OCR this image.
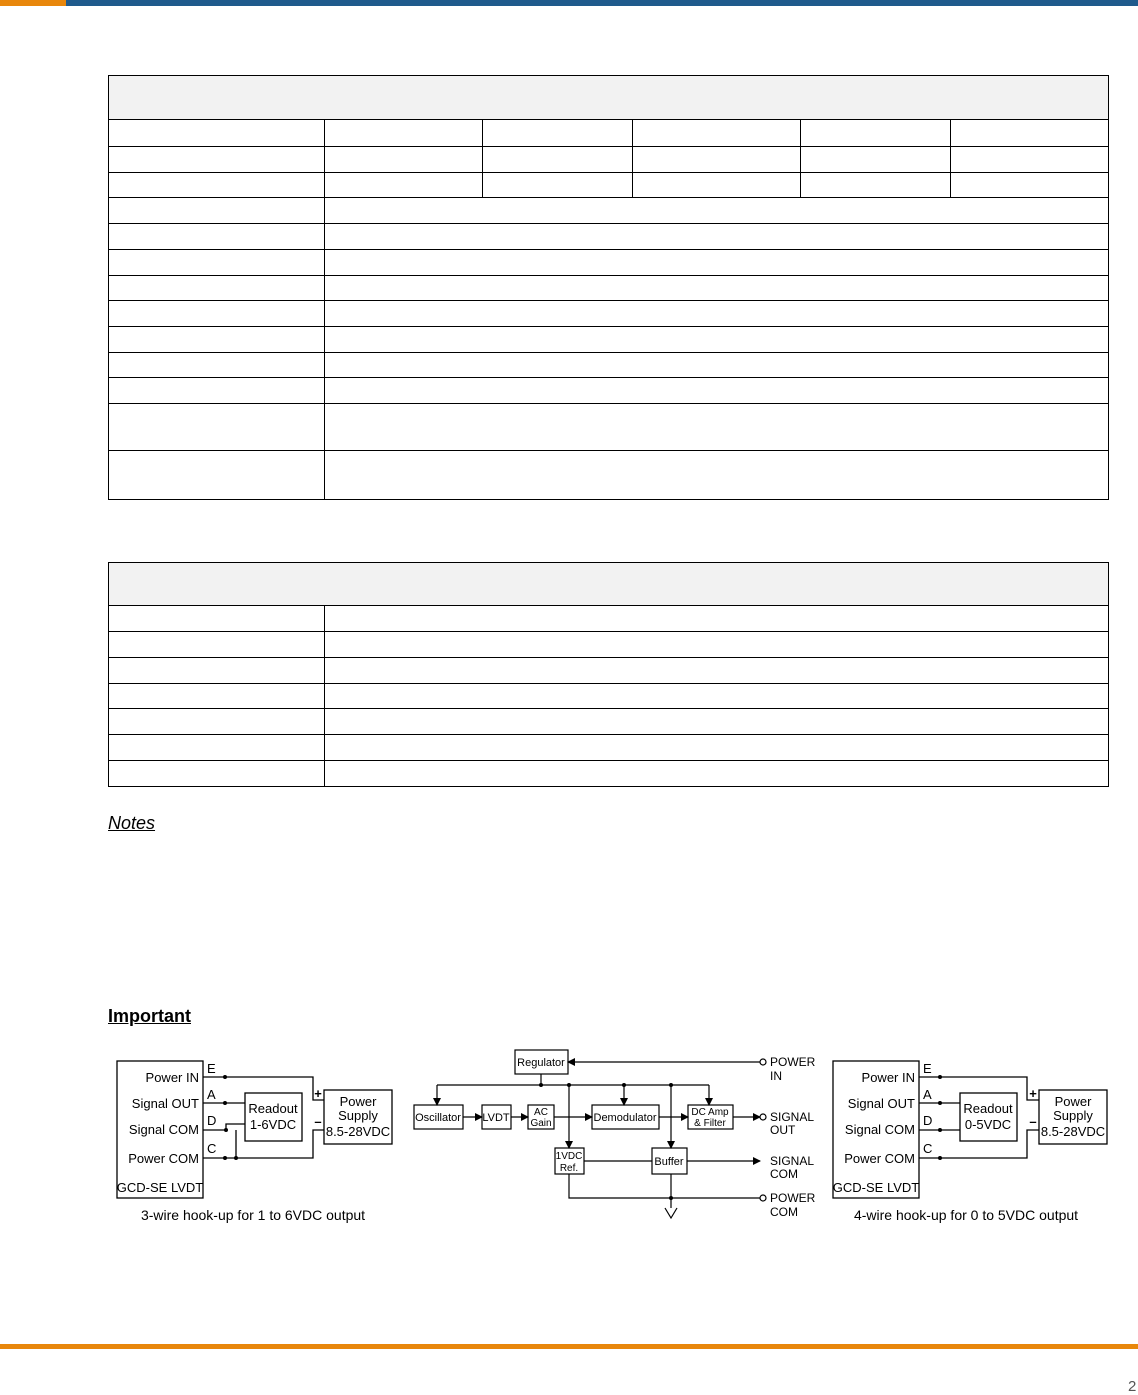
Notes
Important
Power IN
Signal OUT
Signal COM
Power COM
E
A
D
C
GCD-SE LVDT
Readout
1-6VDC
Power
Supply
8.5-28VDC
+
–
3-wire hook-up for 1 to 6VDC output
Regulator
Oscillator LVDT AC
Gain	Demodulator	DC Amp
& Filter
1VDC
Ref.
Buffer
POWER
IN
SIGNAL
OUT
SIGNAL
COM
POWER
COM
Power IN
Signal OUT
Signal COM
Power COM
E
A
D
C
GCD-SE LVDT
Readout
0-5VDC
Power
Supply
8.5-28VDC
+
–
4-wire hook-up for 0 to 5VDC output
2
